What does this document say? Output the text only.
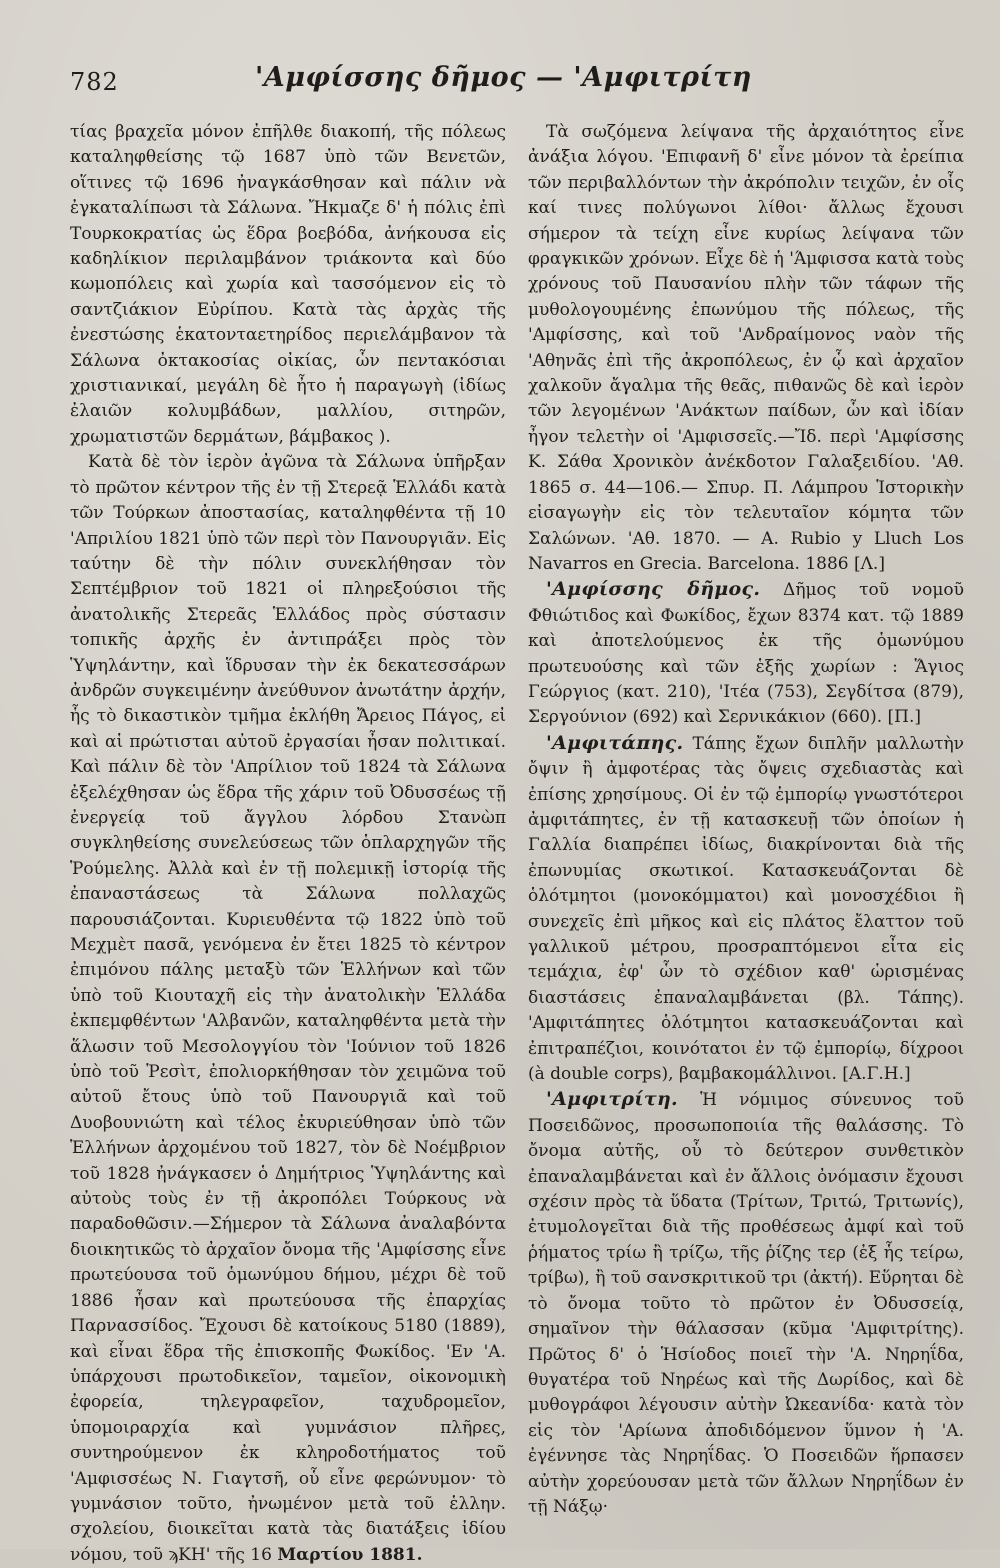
782	'Αμφίσσης δῆμος — 'Αμφιτρίτη

τίας βραχεῖα μόνον ἐπῆλθε διακοπή, τῆς πόλεως καταληφθείσης τῷ 1687 ὑπὸ τῶν Βενετῶν, οἵτινες τῷ 1696 ἠναγκάσθησαν καὶ πάλιν νὰ ἐγκαταλίπωσι τὰ Σάλωνα. Ἤκμαζε δ' ἡ πόλις ἐπὶ Τουρκοκρατίας ὡς ἕδρα βοεβόδα, ἀνήκουσα εἰς καδηλίκιον περιλαμβάνον τριάκοντα καὶ δύο κωμοπόλεις καὶ χωρία καὶ τασσόμενον εἰς τὸ σαντζιάκιον Εὐρίπου. Κατὰ τὰς ἀρχὰς τῆς ἐνεστώσης ἑκατονταετηρίδος περιελάμβανον τὰ Σάλωνα ὀκτακοσίας οἰκίας, ὧν πεντακόσιαι χριστιανικαί, μεγάλη δὲ ἦτο ἡ παραγωγὴ (ἰδίως ἐλαιῶν κολυμβάδων, μαλλίου, σιτηρῶν, χρωματιστῶν δερμάτων, βάμβακος ).

Κατὰ δὲ τὸν ἱερὸν ἀγῶνα τὰ Σάλωνα ὑπῆρξαν τὸ πρῶτον κέντρον τῆς ἐν τῇ Στερεᾷ Ἑλλάδι κατὰ τῶν Τούρκων ἀποστασίας, καταληφθέντα τῇ 10 'Απριλίου 1821 ὑπὸ τῶν περὶ τὸν Πανουργιᾶν. Εἰς ταύτην δὲ τὴν πόλιν συνεκλήθησαν τὸν Σεπτέμβριον τοῦ 1821 οἱ πληρεξούσιοι τῆς ἀνατολικῆς Στερεᾶς Ἑλλάδος πρὸς σύστασιν τοπικῆς ἀρχῆς ἐν ἀντιπράξει πρὸς τὸν Ὑψηλάντην, καὶ ἵδρυσαν τὴν ἐκ δεκατεσσάρων ἀνδρῶν συγκειμένην ἀνεύθυνον ἀνωτάτην ἀρχήν, ἧς τὸ δικαστικὸν τμῆμα ἐκλήθη Ἄρειος Πάγος, εἰ καὶ αἱ πρώτισται αὐτοῦ ἐργασίαι ἦσαν πολιτικαί. Καὶ πάλιν δὲ τὸν 'Απρίλιον τοῦ 1824 τὰ Σάλωνα ἐξελέχθησαν ὡς ἕδρα τῆς χάριν τοῦ Ὀδυσσέως τῇ ἐνεργείᾳ τοῦ ἄγγλου λόρδου Στανὼπ συγκληθείσης συνελεύσεως τῶν ὁπλαρχηγῶν τῆς Ῥούμελης. Ἀλλὰ καὶ ἐν τῇ πολεμικῇ ἱστορίᾳ τῆς ἐπαναστάσεως τὰ Σάλωνα πολλαχῶς παρουσιάζονται. Κυριευθέντα τῷ 1822 ὑπὸ τοῦ Μεχμὲτ πασᾶ, γενόμενα ἐν ἔτει 1825 τὸ κέντρον ἐπιμόνου πάλης μεταξὺ τῶν Ἑλλήνων καὶ τῶν ὑπὸ τοῦ Κιουταχῆ εἰς τὴν ἀνατολικὴν Ἑλλάδα ἐκπεμφθέντων 'Αλβανῶν, καταληφθέντα μετὰ τὴν ἅλωσιν τοῦ Μεσολογγίου τὸν 'Ιούνιον τοῦ 1826 ὑπὸ τοῦ Ῥεσὶτ, ἐπολιορκήθησαν τὸν χειμῶνα τοῦ αὐτοῦ ἔτους ὑπὸ τοῦ Πανουργιᾶ καὶ τοῦ Δυοβουνιώτη καὶ τέλος ἐκυριεύθησαν ὑπὸ τῶν Ἑλλήνων ἀρχομένου τοῦ 1827, τὸν δὲ Νοέμβριον τοῦ 1828 ἠνάγκασεν ὁ Δημήτριος Ὑψηλάντης καὶ αὐτοὺς τοὺς ἐν τῇ ἀκροπόλει Τούρκους νὰ παραδοθῶσιν.—Σήμερον τὰ Σάλωνα ἀναλαβόντα διοικητικῶς τὸ ἀρχαῖον ὄνομα τῆς 'Αμφίσσης εἶνε πρωτεύουσα τοῦ ὁμωνύμου δήμου, μέχρι δὲ τοῦ 1886 ἦσαν καὶ πρωτεύουσα τῆς ἐπαρχίας Παρνασσίδος. Ἔχουσι δὲ κατοίκους 5180 (1889), καὶ εἶναι ἕδρα τῆς ἐπισκοπῆς Φωκίδος. 'Εν 'Α. ὑπάρχουσι πρωτοδικεῖον, ταμεῖον, οἰκονομικὴ ἐφορεία, τηλεγραφεῖον, ταχυδρομεῖον, ὑπομοιραρχία καὶ γυμνάσιον πλῆρες, συντηρούμενον ἐκ κληροδοτήματος τοῦ 'Αμφισσέως Ν. Γιαγτσῆ, οὗ εἶνε φερώνυμον· τὸ γυμνάσιον τοῦτο, ἠνωμένον μετὰ τοῦ ἑλλην. σχολείου, διοικεῖται κατὰ τὰς διατάξεις ἰδίου νόμου, τοῦ ϡΚΗ' τῆς 16 Μαρτίου 1881.

Τὰ σωζόμενα λείψανα τῆς ἀρχαιότητος εἶνε ἀνάξια λόγου. 'Επιφανῆ δ' εἶνε μόνον τὰ ἐρείπια τῶν περιβαλλόντων τὴν ἀκρόπολιν τειχῶν, ἐν οἷς καί τινες πολύγωνοι λίθοι· ἄλλως ἔχουσι σήμερον τὰ τείχη εἶνε κυρίως λείψανα τῶν φραγκικῶν χρόνων. Εἶχε δὲ ἡ 'Άμφισσα κατὰ τοὺς χρόνους τοῦ Παυσανίου πλὴν τῶν τάφων τῆς μυθολογουμένης ἐπωνύμου τῆς πόλεως, τῆς 'Αμφίσσης, καὶ τοῦ 'Ανδραίμονος ναὸν τῆς 'Αθηνᾶς ἐπὶ τῆς ἀκροπόλεως, ἐν ᾧ καὶ ἀρχαῖον χαλκοῦν ἄγαλμα τῆς θεᾶς, πιθανῶς δὲ καὶ ἱερὸν τῶν λεγομένων 'Ανάκτων παίδων, ὧν καὶ ἰδίαν ἦγον τελετὴν οἱ 'Αμφισσεῖς.—Ἴδ. περὶ 'Αμφίσσης Κ. Σάθα Χρονικὸν ἀνέκδοτον Γαλαξειδίου. 'Αθ. 1865 σ. 44—106.— Σπυρ. Π. Λάμπρου Ἱστορικὴν εἰσαγωγὴν εἰς τὸν τελευταῖον κόμητα τῶν Σαλώνων. 'Αθ. 1870. — A. Rubio y Lluch Los Navarros en Grecia. Barcelona. 1886 [Λ.]

'Αμφίσσης δῆμος. Δῆμος τοῦ νομοῦ Φθιώτιδος καὶ Φωκίδος, ἔχων 8374 κατ. τῷ 1889 καὶ ἀποτελούμενος ἐκ τῆς ὁμωνύμου πρωτευούσης καὶ τῶν ἑξῆς χωρίων : Ἅγιος Γεώργιος (κατ. 210), 'Ιτέα (753), Σεγδίτσα (879), Σεργούνιον (692) καὶ Σερνικάκιον (660). [Π.]

'Αμφιτάπης. Τάπης ἔχων διπλῆν μαλλωτὴν ὄψιν ἢ ἀμφοτέρας τὰς ὄψεις σχεδιαστὰς καὶ ἐπίσης χρησίμους. Οἱ ἐν τῷ ἐμπορίῳ γνωστότεροι ἀμφιτάπητες, ἐν τῇ κατασκευῇ τῶν ὁποίων ἡ Γαλλία διαπρέπει ἰδίως, διακρίνονται διὰ τῆς ἐπωνυμίας σκωτικοί. Κατασκευάζονται δὲ ὁλότμητοι (μονοκόμματοι) καὶ μονοσχέδιοι ἢ συνεχεῖς ἐπὶ μῆκος καὶ εἰς πλάτος ἔλαττον τοῦ γαλλικοῦ μέτρου, προσραπτόμενοι εἶτα εἰς τεμάχια, ἐφ' ὧν τὸ σχέδιον καθ' ὡρισμένας διαστάσεις ἐπαναλαμβάνεται (βλ. Τάπης). 'Αμφιτάπητες ὁλότμητοι κατασκευάζονται καὶ ἐπιτραπέζιοι, κοινότατοι ἐν τῷ ἐμπορίῳ, δίχροοι (à double corps), βαμβακομάλλινοι. [Α.Γ.Η.]

'Αμφιτρίτη. Ἡ νόμιμος σύνευνος τοῦ Ποσειδῶνος, προσωποποιία τῆς θαλάσσης. Τὸ ὄνομα αὐτῆς, οὗ τὸ δεύτερον συνθετικὸν ἐπαναλαμβάνεται καὶ ἐν ἄλλοις ὀνόμασιν ἔχουσι σχέσιν πρὸς τὰ ὕδατα (Τρίτων, Τριτώ, Τριτωνίς), ἐτυμολογεῖται διὰ τῆς προθέσεως ἀμφί καὶ τοῦ ῥήματος τρίω ἢ τρίζω, τῆς ῥίζης τερ (ἐξ ἧς τείρω, τρίβω), ἢ τοῦ σανσκριτικοῦ τρι (ἀκτή). Εὕρηται δὲ τὸ ὄνομα τοῦτο τὸ πρῶτον ἐν Ὀδυσσείᾳ, σημαῖνον τὴν θάλασσαν (κῦμα 'Αμφιτρίτης). Πρῶτος δ' ὁ Ἡσίοδος ποιεῖ τὴν 'Α. Νηρηΐδα, θυγατέρα τοῦ Νηρέως καὶ τῆς Δωρίδος, καὶ δὲ μυθογράφοι λέγουσιν αὐτὴν Ὠκεανίδα· κατὰ τὸν εἰς τὸν 'Αρίωνα ἀποδιδόμενον ὕμνον ἡ 'Α. ἐγέννησε τὰς Νηρηΐδας. Ὁ Ποσειδῶν ἥρπασεν αὐτὴν χορεύουσαν μετὰ τῶν ἄλλων Νηρηΐδων ἐν τῇ Νάξῳ·
